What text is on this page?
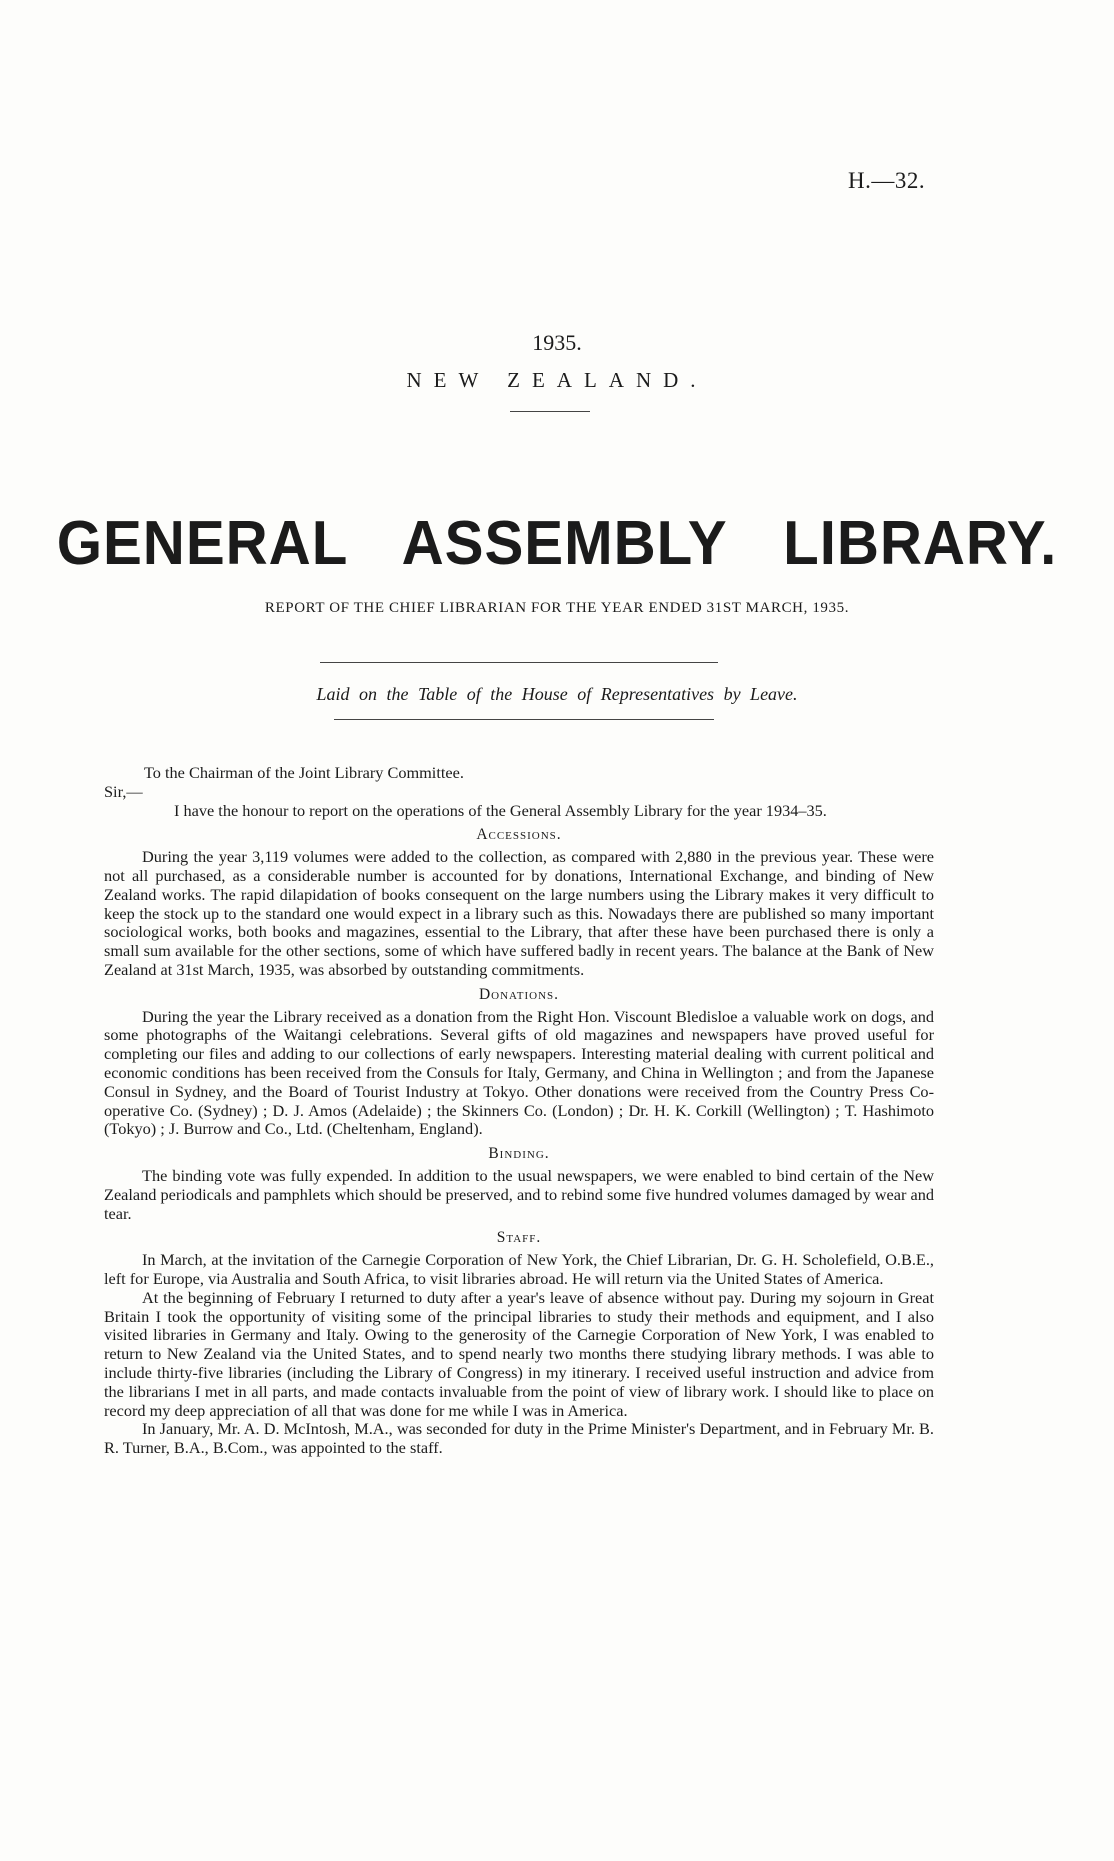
H.—32.
1935.
NEW ZEALAND.
GENERAL ASSEMBLY LIBRARY.
REPORT OF THE CHIEF LIBRARIAN FOR THE YEAR ENDED 31ST MARCH, 1935.
Laid on the Table of the House of Representatives by Leave.

To the Chairman of the Joint Library Committee.

Sir,—

I have the honour to report on the operations of the General Assembly Library for the year 1934–35.

Accessions.

During the year 3,119 volumes were added to the collection, as compared with 2,880 in the previous year. These were not all purchased, as a considerable number is accounted for by donations, International Exchange, and binding of New Zealand works. The rapid dilapidation of books consequent on the large numbers using the Library makes it very difficult to keep the stock up to the standard one would expect in a library such as this. Nowadays there are published so many important sociological works, both books and magazines, essential to the Library, that after these have been purchased there is only a small sum available for the other sections, some of which have suffered badly in recent years. The balance at the Bank of New Zealand at 31st March, 1935, was absorbed by outstanding commitments.

Donations.

During the year the Library received as a donation from the Right Hon. Viscount Bledisloe a valuable work on dogs, and some photographs of the Waitangi celebrations. Several gifts of old magazines and newspapers have proved useful for completing our files and adding to our collections of early newspapers. Interesting material dealing with current political and economic conditions has been received from the Consuls for Italy, Germany, and China in Wellington ; and from the Japanese Consul in Sydney, and the Board of Tourist Industry at Tokyo. Other donations were received from the Country Press Co-operative Co. (Sydney) ; D. J. Amos (Adelaide) ; the Skinners Co. (London) ; Dr. H. K. Corkill (Wellington) ; T. Hashimoto (Tokyo) ; J. Burrow and Co., Ltd. (Cheltenham, England).

Binding.

The binding vote was fully expended. In addition to the usual newspapers, we were enabled to bind certain of the New Zealand periodicals and pamphlets which should be preserved, and to rebind some five hundred volumes damaged by wear and tear.

Staff.

In March, at the invitation of the Carnegie Corporation of New York, the Chief Librarian, Dr. G. H. Scholefield, O.B.E., left for Europe, via Australia and South Africa, to visit libraries abroad. He will return via the United States of America.

At the beginning of February I returned to duty after a year's leave of absence without pay. During my sojourn in Great Britain I took the opportunity of visiting some of the principal libraries to study their methods and equipment, and I also visited libraries in Germany and Italy. Owing to the generosity of the Carnegie Corporation of New York, I was enabled to return to New Zealand via the United States, and to spend nearly two months there studying library methods. I was able to include thirty-five libraries (including the Library of Congress) in my itinerary. I received useful instruction and advice from the librarians I met in all parts, and made contacts invaluable from the point of view of library work. I should like to place on record my deep appreciation of all that was done for me while I was in America.

In January, Mr. A. D. McIntosh, M.A., was seconded for duty in the Prime Minister's Department, and in February Mr. B. R. Turner, B.A., B.Com., was appointed to the staff.
